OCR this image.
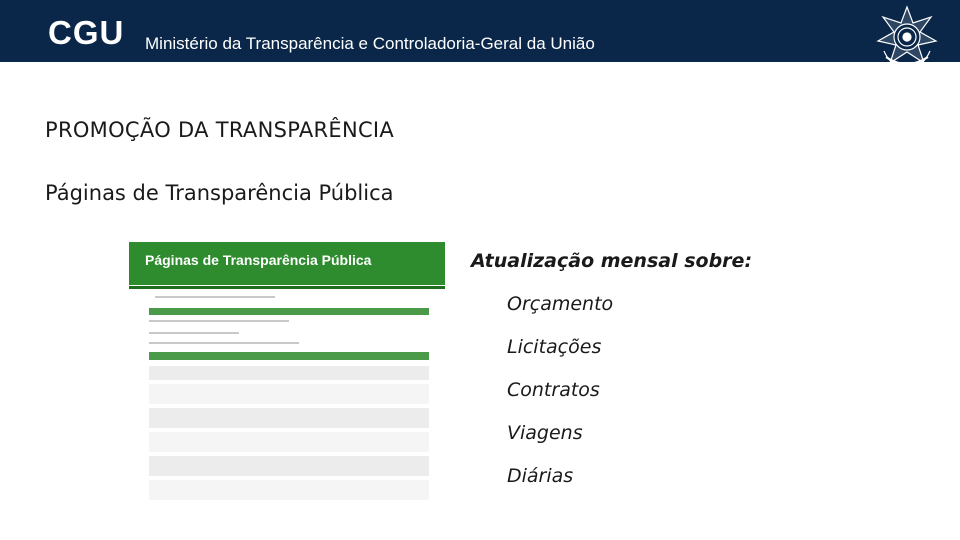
CGU Ministério da Transparência e Controladoria-Geral da União
PROMOÇÃO DA TRANSPARÊNCIA
Páginas de Transparência Pública
Páginas de Transparência Pública	Atualização mensal sobre:
Orçamento
Licitações
Contratos
Viagens
Diárias
